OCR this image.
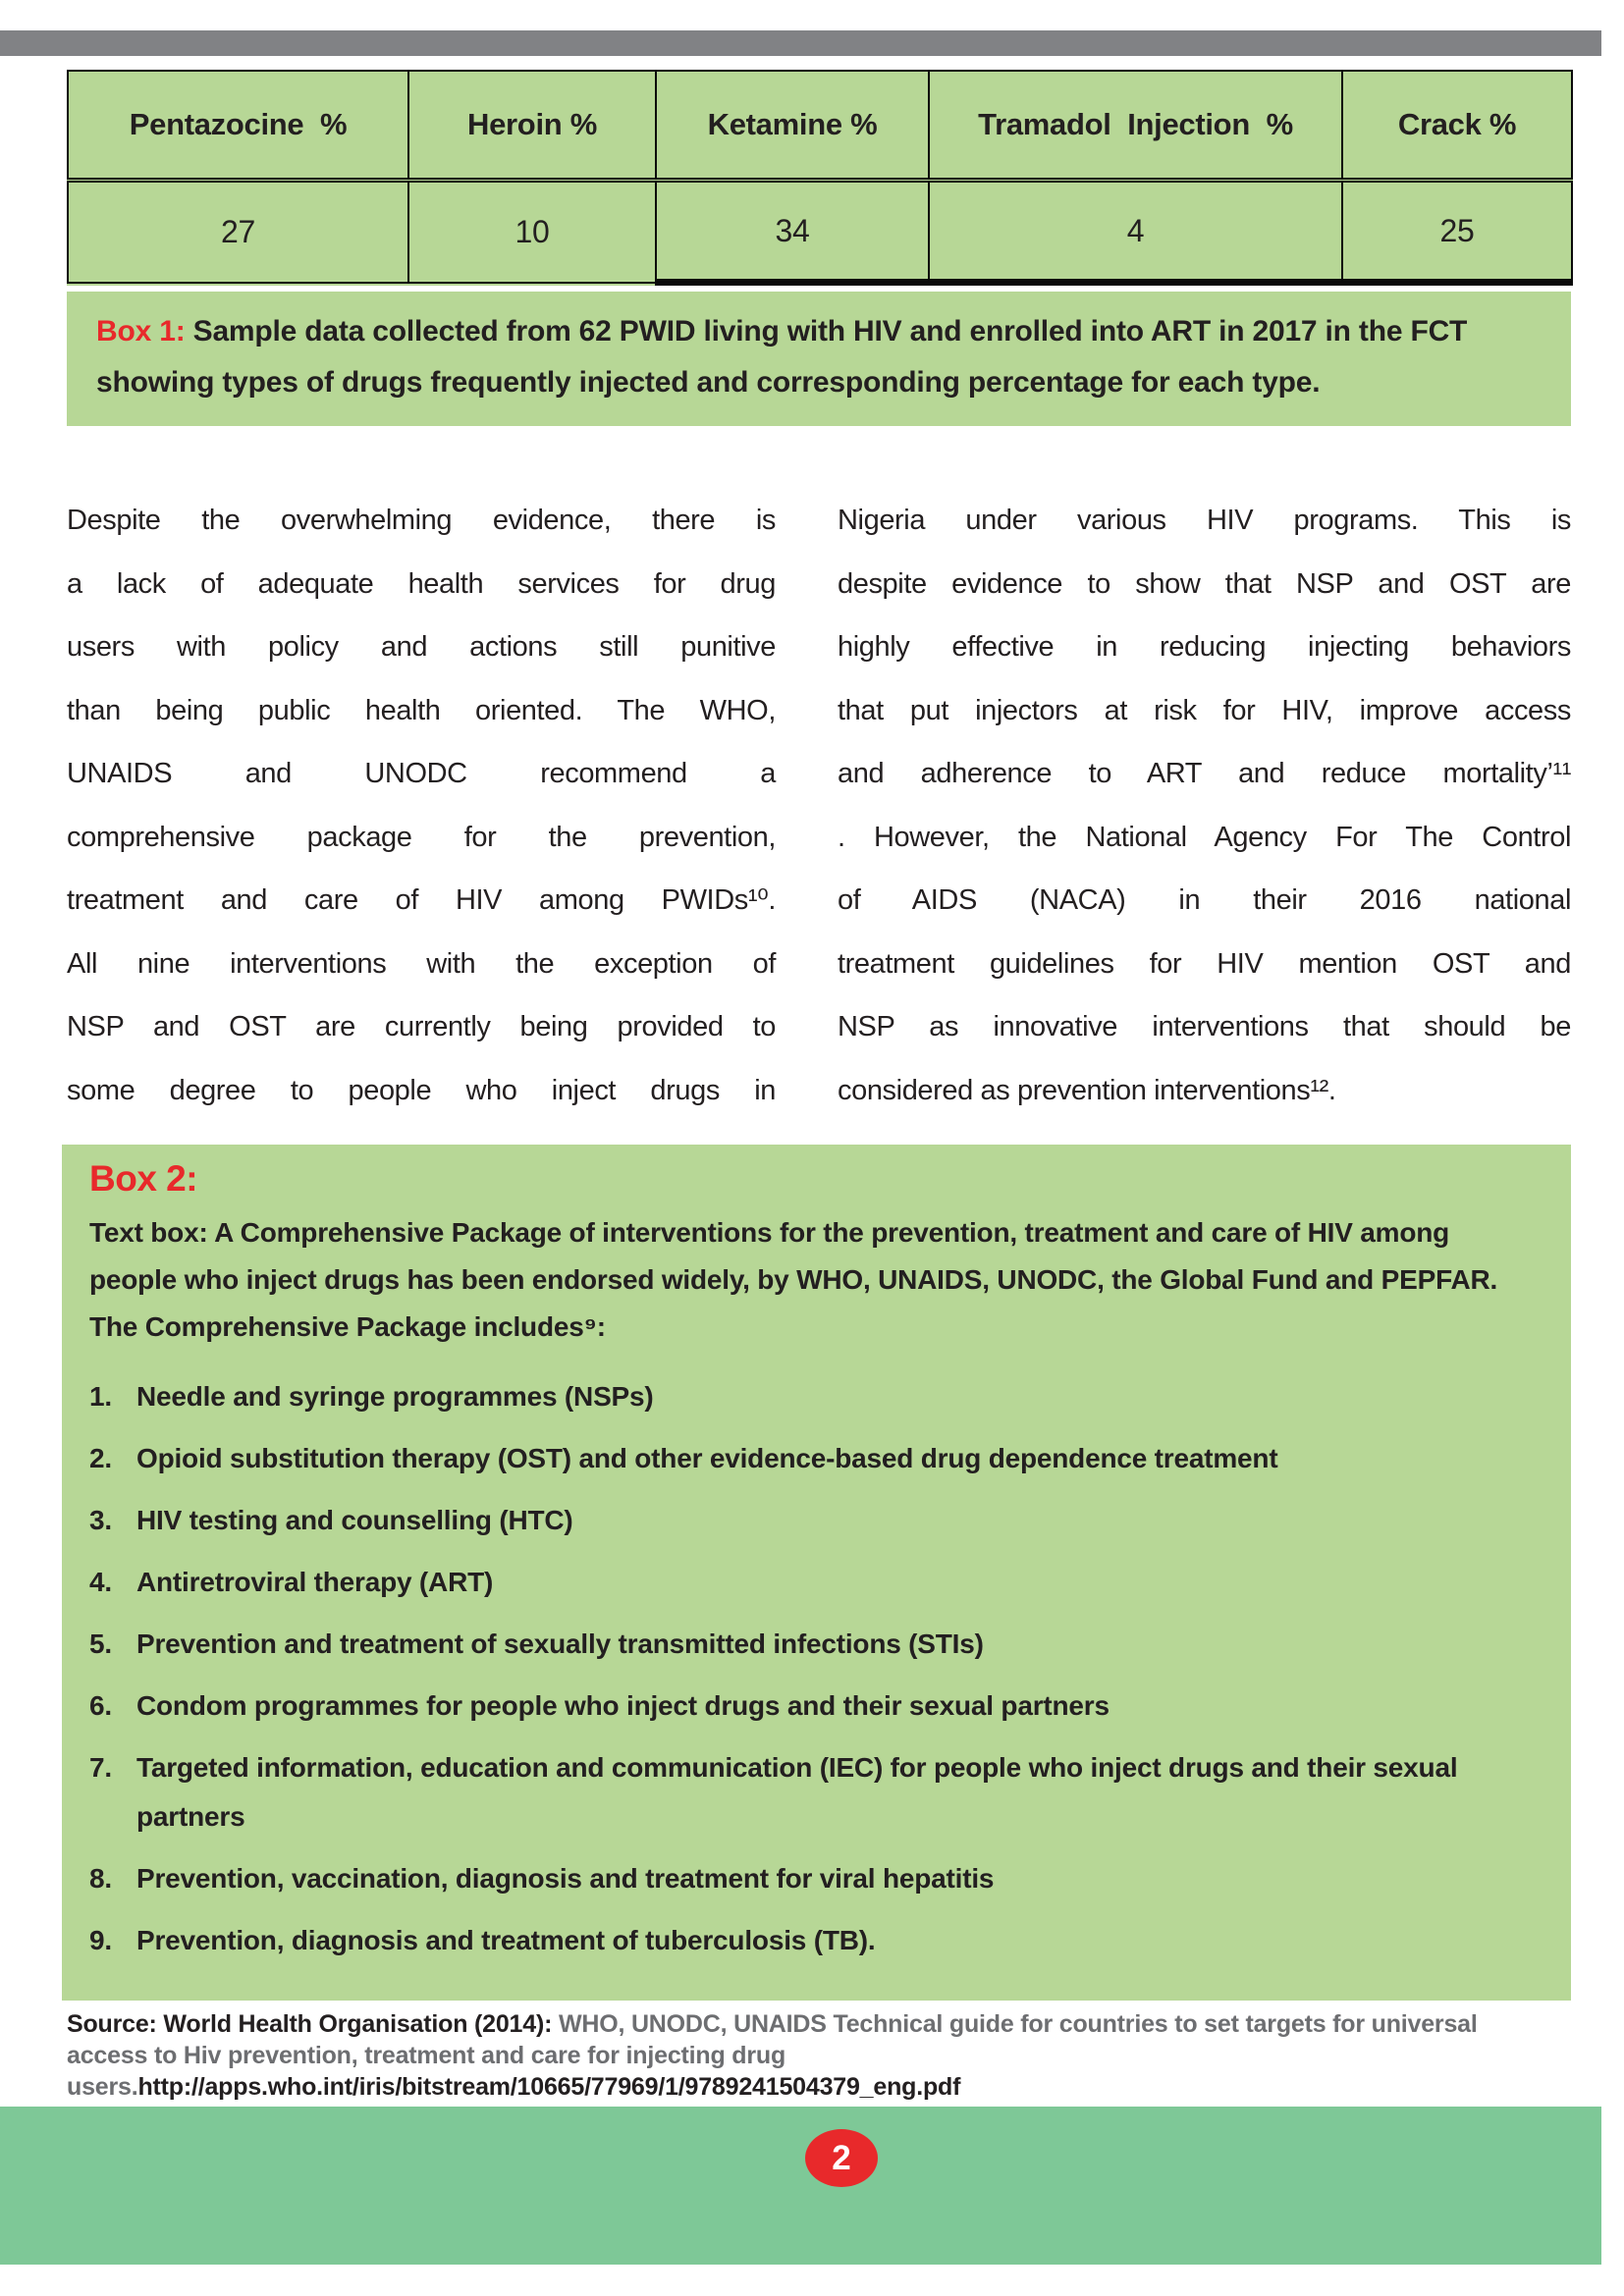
Pentazocine  %	Heroin %	Ketamine %	Tramadol  Injection  %	Crack %
27	10	34	4	25
Box 1: Sample data collected from 62 PWID living with HIV and enrolled into ART in 2017 in the FCT showing types of drugs frequently injected and corresponding percentage for each type.
Despite the overwhelming evidence, there is
a lack of adequate health services for drug
users with policy and actions still punitive
than being public health oriented. The WHO,
UNAIDS and UNODC recommend a
comprehensive package for the prevention,
treatment and care of HIV among PWIDs¹⁰.
All nine interventions with the exception of
NSP and OST are currently being provided to
some degree to people who inject drugs in
Nigeria under various HIV programs. This is
despite evidence to show that NSP and OST are
highly effective in reducing injecting behaviors
that put injectors at risk for HIV, improve access
and adherence to ART and reduce mortality’¹¹
. However, the National Agency For The Control
of AIDS (NACA) in their 2016 national
treatment guidelines for HIV mention OST and
NSP as innovative interventions that should be
considered as prevention interventions¹².
Box 2:

Text box: A Comprehensive Package of interventions for the prevention, treatment and care of HIV among people who inject drugs has been endorsed widely, by WHO, UNAIDS, UNODC, the Global Fund and PEPFAR. The Comprehensive Package includes⁹:

Needle and syringe programmes (NSPs)
Opioid substitution therapy (OST) and other evidence-based drug dependence treatment
HIV testing and counselling (HTC)
Antiretroviral therapy (ART)
Prevention and treatment of sexually transmitted infections (STIs)
Condom programmes for people who inject drugs and their sexual partners
Targeted information, education and communication (IEC) for people who inject drugs and their sexual partners
Prevention, vaccination, diagnosis and treatment for viral hepatitis
Prevention, diagnosis and treatment of tuberculosis (TB).
Source: World Health Organisation (2014): WHO, UNODC, UNAIDS Technical guide for countries to set targets for universal access to Hiv prevention, treatment and care for injecting drug users.http://apps.who.int/iris/bitstream/10665/77969/1/9789241504379_eng.pdf
2
